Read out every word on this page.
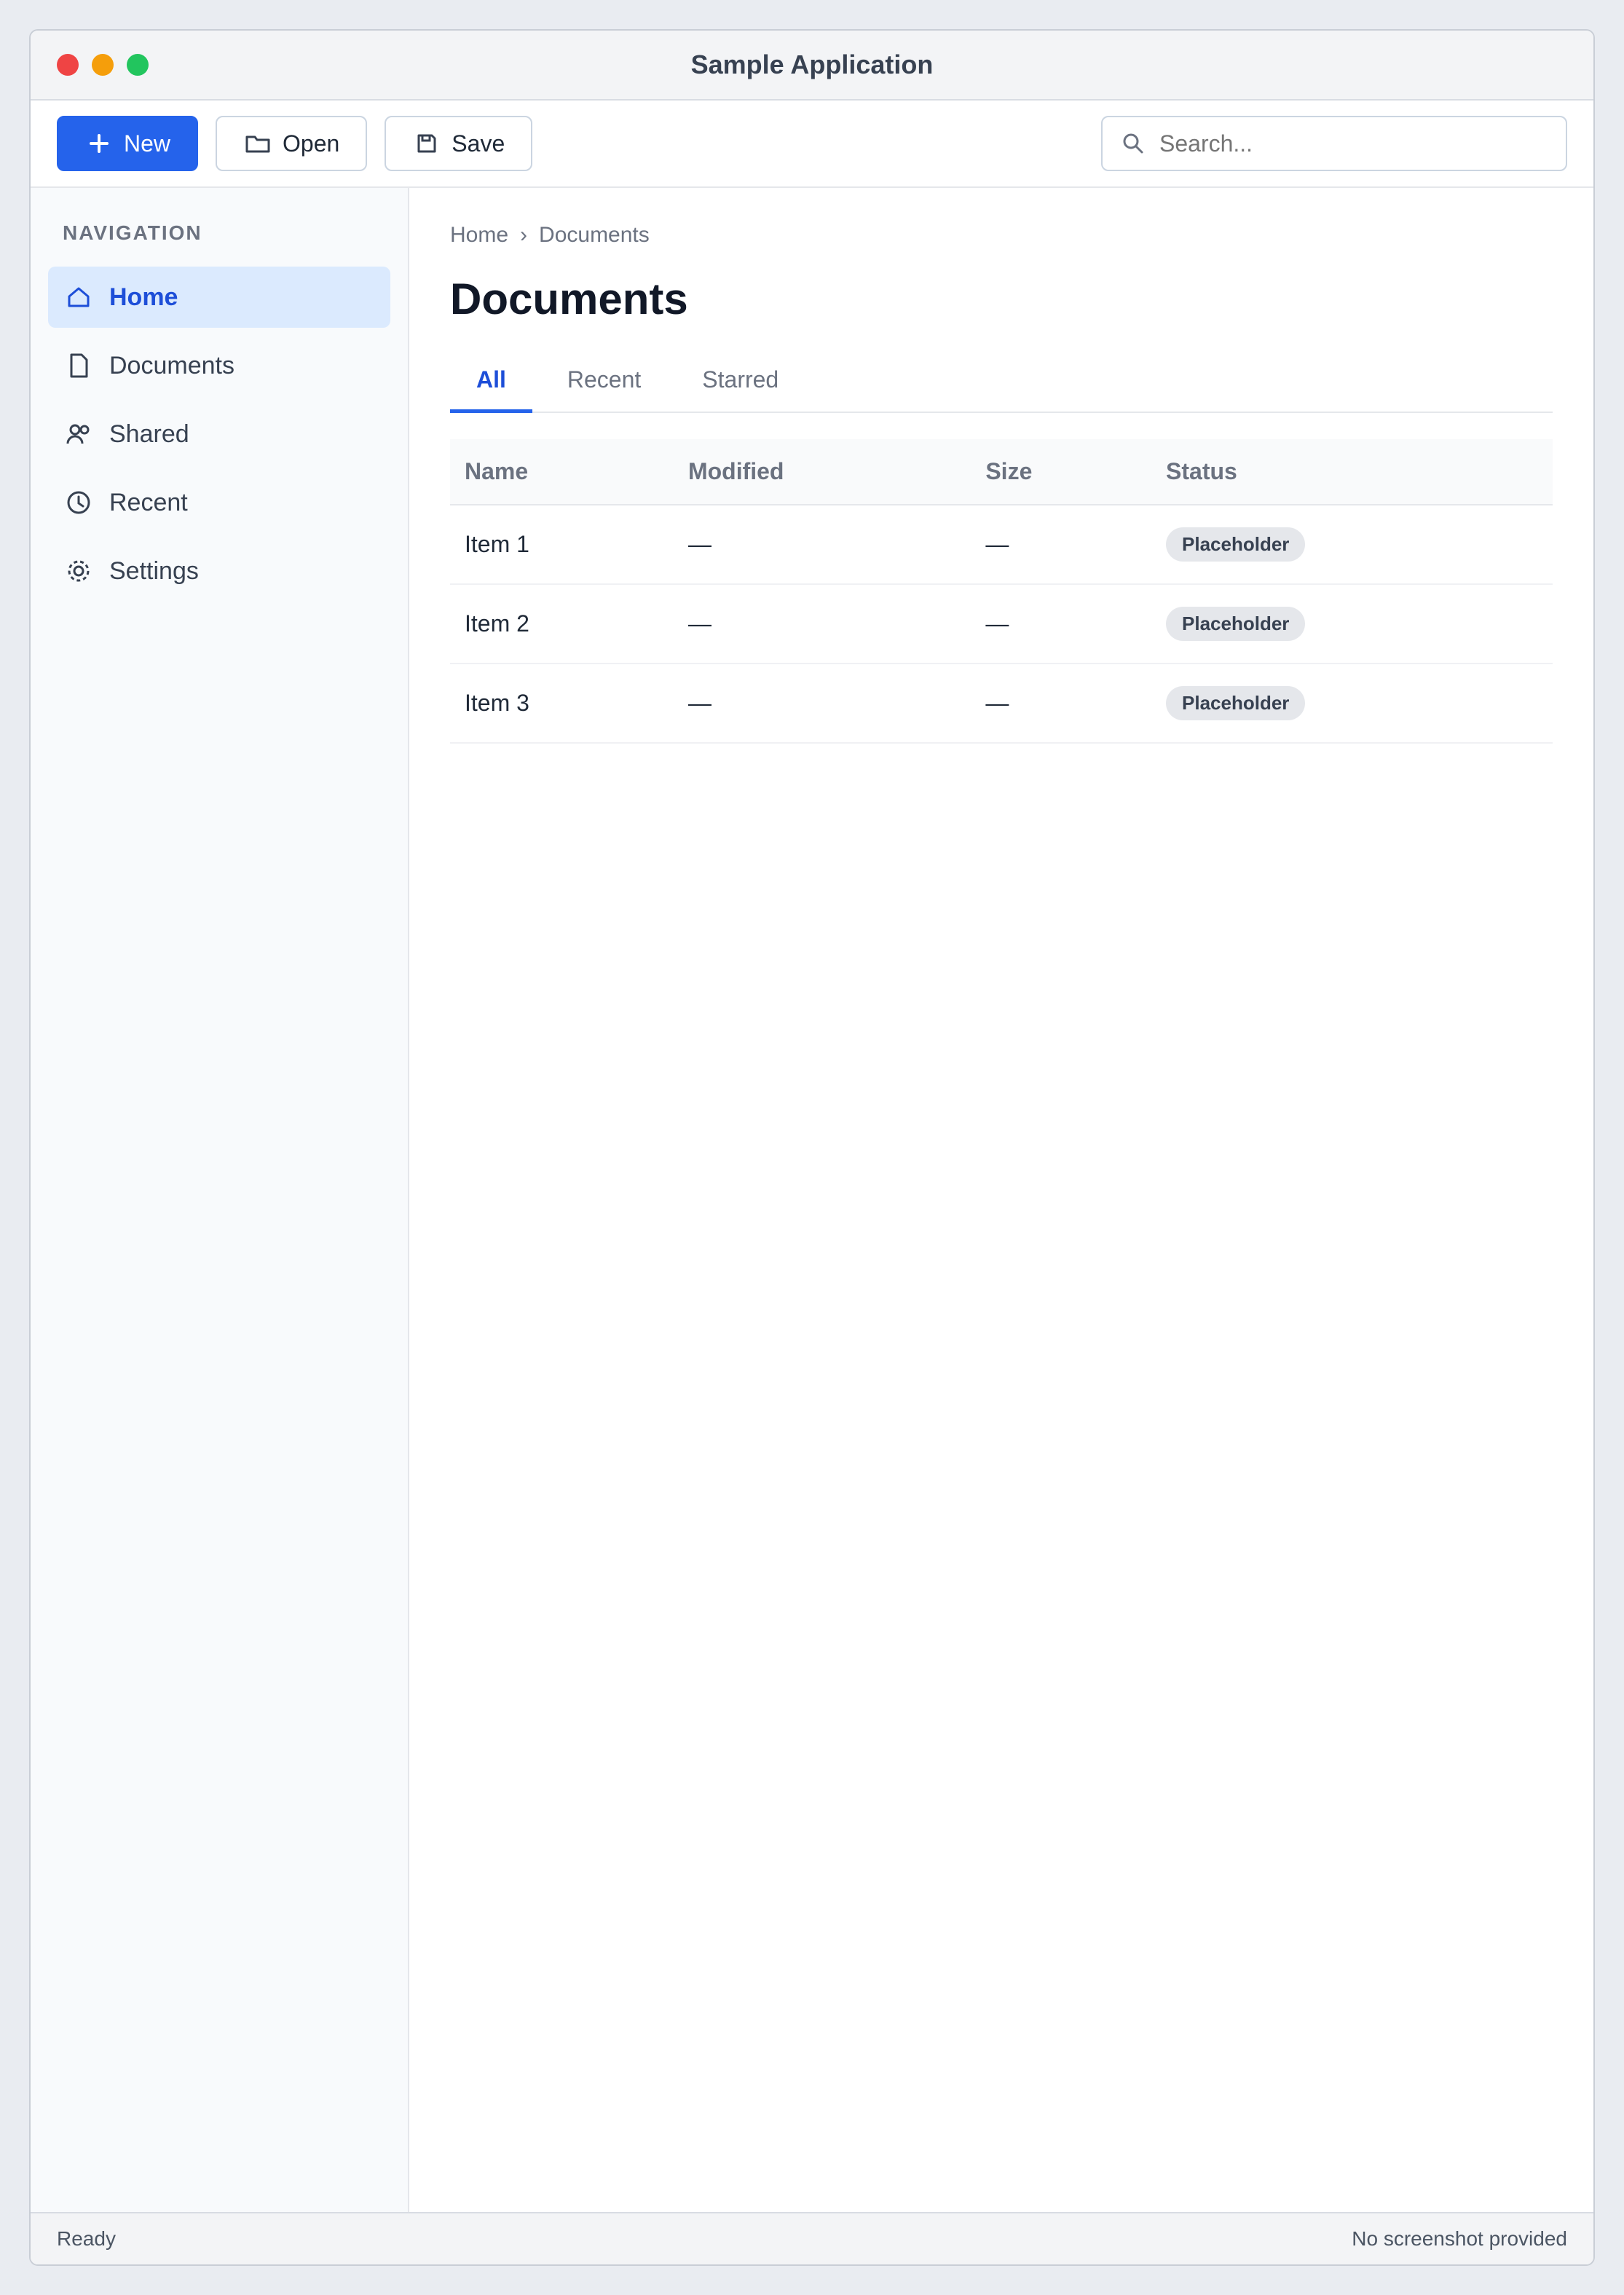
Sample Application
New	Open	Save
Search...
NAVIGATION
Home
Documents
Shared
Recent
Settings
Home › Documents
Documents
All	Recent	Starred
Name	Modified	Size	Status
Item 1	—	—	Placeholder
Item 2	—	—	Placeholder
Item 3	—	—	Placeholder
Ready	No screenshot provided
